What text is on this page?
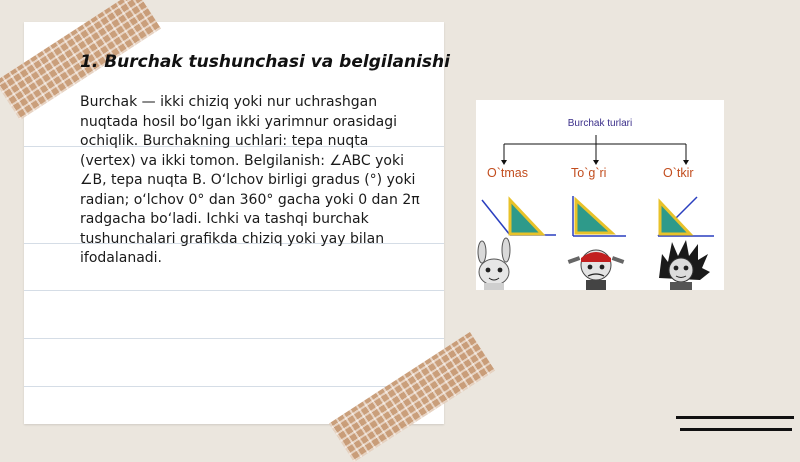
1. Burchak tushunchasi va belgilanishi

Burchak — ikki chiziq yoki nur uchrashgan nuqtada hosil bo‘lgan ikki yarimnur orasidagi ochiqlik. Burchakning uchlari: tepa nuqta (vertex) va ikki tomon. Belgilanish: ∠ABC yoki ∠B, tepa nuqta B. O‘lchov birligi gradus (°) yoki radian; o‘lchov 0° dan 360° gacha yoki 0 dan 2π radgacha bo‘ladi. Ichki va tashqi burchak tushunchalari grafikda chiziq yoki yay bilan ifodalanadi.

Burchak turlari
O`tmas	To`g`ri	O`tkir
